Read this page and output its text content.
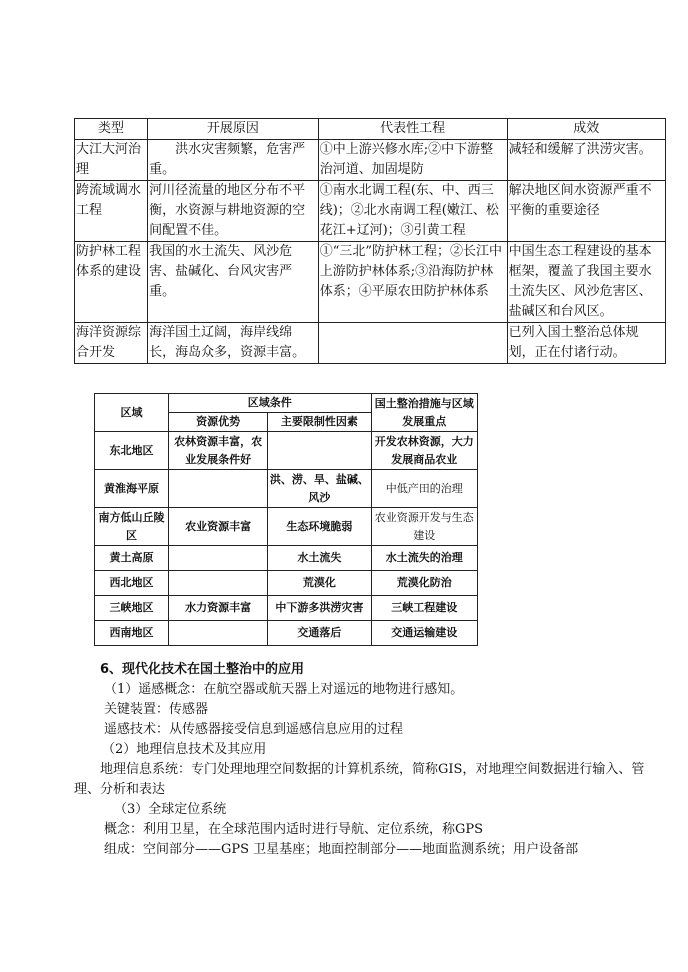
类型	开展原因	代表性工程	成效
大江大河治理	洪水灾害频繁，危害严重。	①中上游兴修水库;②中下游整治河道、加固堤防	减轻和缓解了洪涝灾害。
跨流域调水工程	河川径流量的地区分布不平衡，水资源与耕地资源的空间配置不佳。	①南水北调工程(东、中、西三线)；②北水南调工程(嫩江、松花江+辽河)；③引黄工程	解决地区间水资源严重不平衡的重要途径
防护林工程体系的建设	我国的水土流失、风沙危害、盐碱化、台风灾害严重。	①“三北”防护林工程；②长江中上游防护林体系;③沿海防护林体系；④平原农田防护林体系	中国生态工程建设的基本框架，覆盖了我国主要水土流失区、风沙危害区、盐碱区和台风区。
海洋资源综合开发	海洋国土辽阔，海岸线绵长，海岛众多，资源丰富。		已列入国土整治总体规划，正在付诸行动。
区域	区域条件		国土整治措施与区域发展重点
	资源优势	主要限制性因素	
东北地区	农林资源丰富，农业发展条件好		开发农林资源，大力发展商品农业
黄淮海平原		洪、涝、旱、盐碱、风沙	中低产田的治理
南方低山丘陵区	农业资源丰富	生态环境脆弱	农业资源开发与生态建设
黄土高原		水土流失	水土流失的治理
西北地区		荒漠化	荒漠化防治
三峡地区	水力资源丰富	中下游多洪涝灾害	三峡工程建设
西南地区		交通落后	交通运输建设

6、现代化技术在国土整治中的应用

（1）遥感概念：在航空器或航天器上对遥远的地物进行感知。

关键装置：传感器

遥感技术：从传感器接受信息到遥感信息应用的过程

（2）地理信息技术及其应用

地理信息系统：专门处理地理空间数据的计算机系统，简称GIS，对地理空间数据进行输入、管理、分析和表达

（3）全球定位系统

概念：利用卫星，在全球范围内适时进行导航、定位系统，称GPS

组成：空间部分——GPS 卫星基座；地面控制部分——地面监测系统；用户设备部
